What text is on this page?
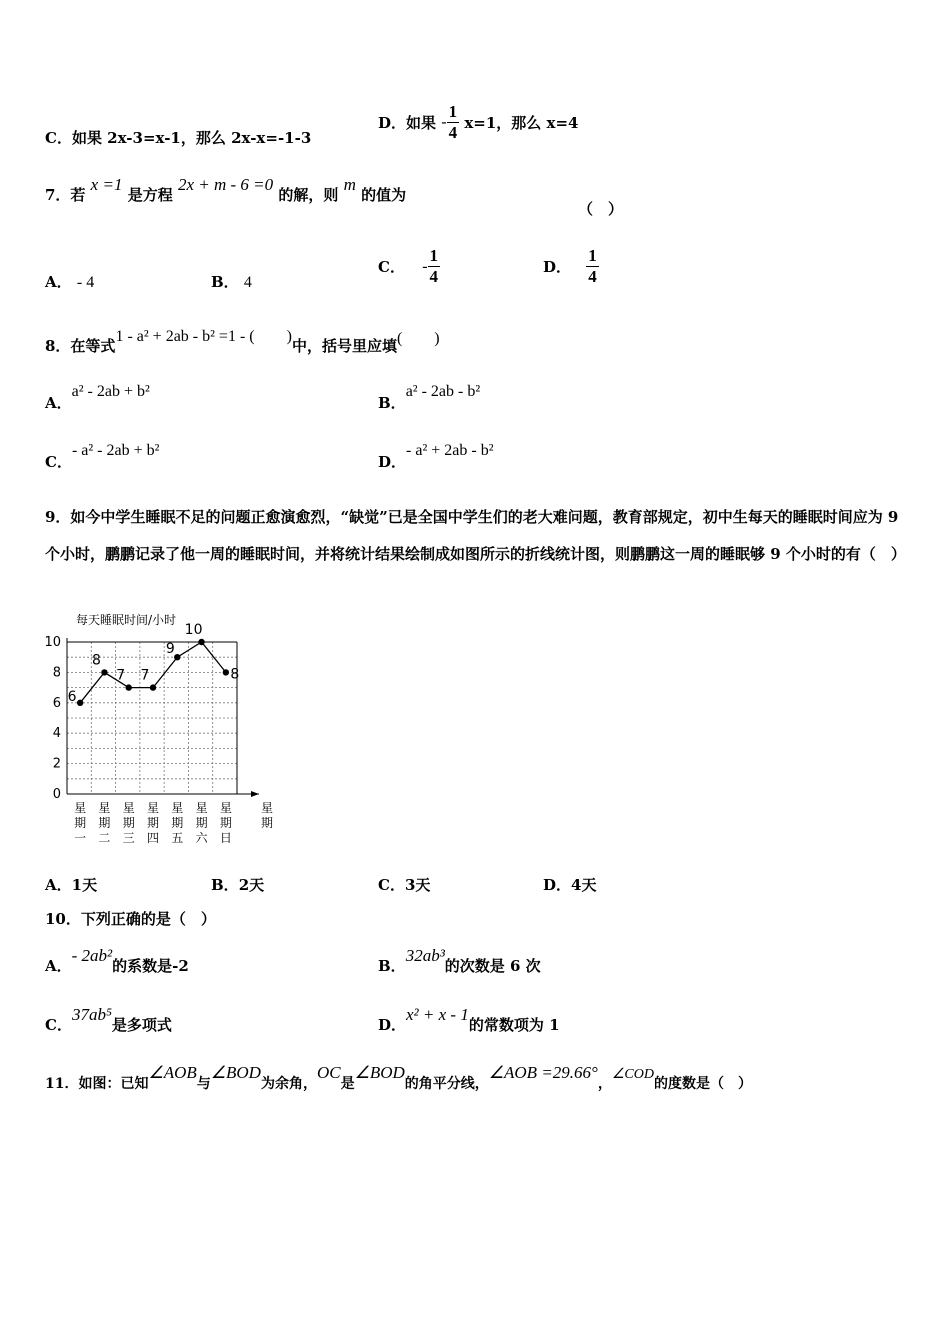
C．如果 2x-3=x-1，那么 2x-x=-1-3
D．如果 - $\frac{1}{4} x=1$，那么 x=4
7．若 x =1 是方程 2x + m - 6 =0 的解，则 m 的值为
（　）
A． - 4	B． 4
C． - $\frac{1}{4}$	D． $\frac{1}{4}$
8．在等式1 - a² + 2ab - b² =1 - (　　)中，括号里应填(　　)
A．a² - 2ab + b²
B．a² - 2ab - b²
C．- a² - 2ab + b²
D．- a² + 2ab - b²
9．如今中学生睡眠不足的问题正愈演愈烈，“缺觉”已是全国中学生们的老大难问题，教育部规定，初中生每天的睡眠时间应为 9 个小时，鹏鹏记录了他一周的睡眠时间，并将统计结果绘制成如图所示的折线统计图，则鹏鹏这一周的睡眠够 9 个小时的有（　）
0
2
4
6
8
10
星期一
星期二
星期三
星期四
星期五
星期六
星期日
星期
6
8
7 7
9
10
8
每天睡眠时间/小时
A．1天	B．2天	C．3天	D．4天
10．下列正确的是（　）
A．- 2ab²的系数是-2	B．32ab³的次数是 6 次
C．37ab⁵是多项式	D．x² + x - 1的常数项为 1
11．如图：已知∠AOB与∠BOD为余角，OC是∠BOD的角平分线，∠AOB =29.66°，∠COD的度数是（　）
